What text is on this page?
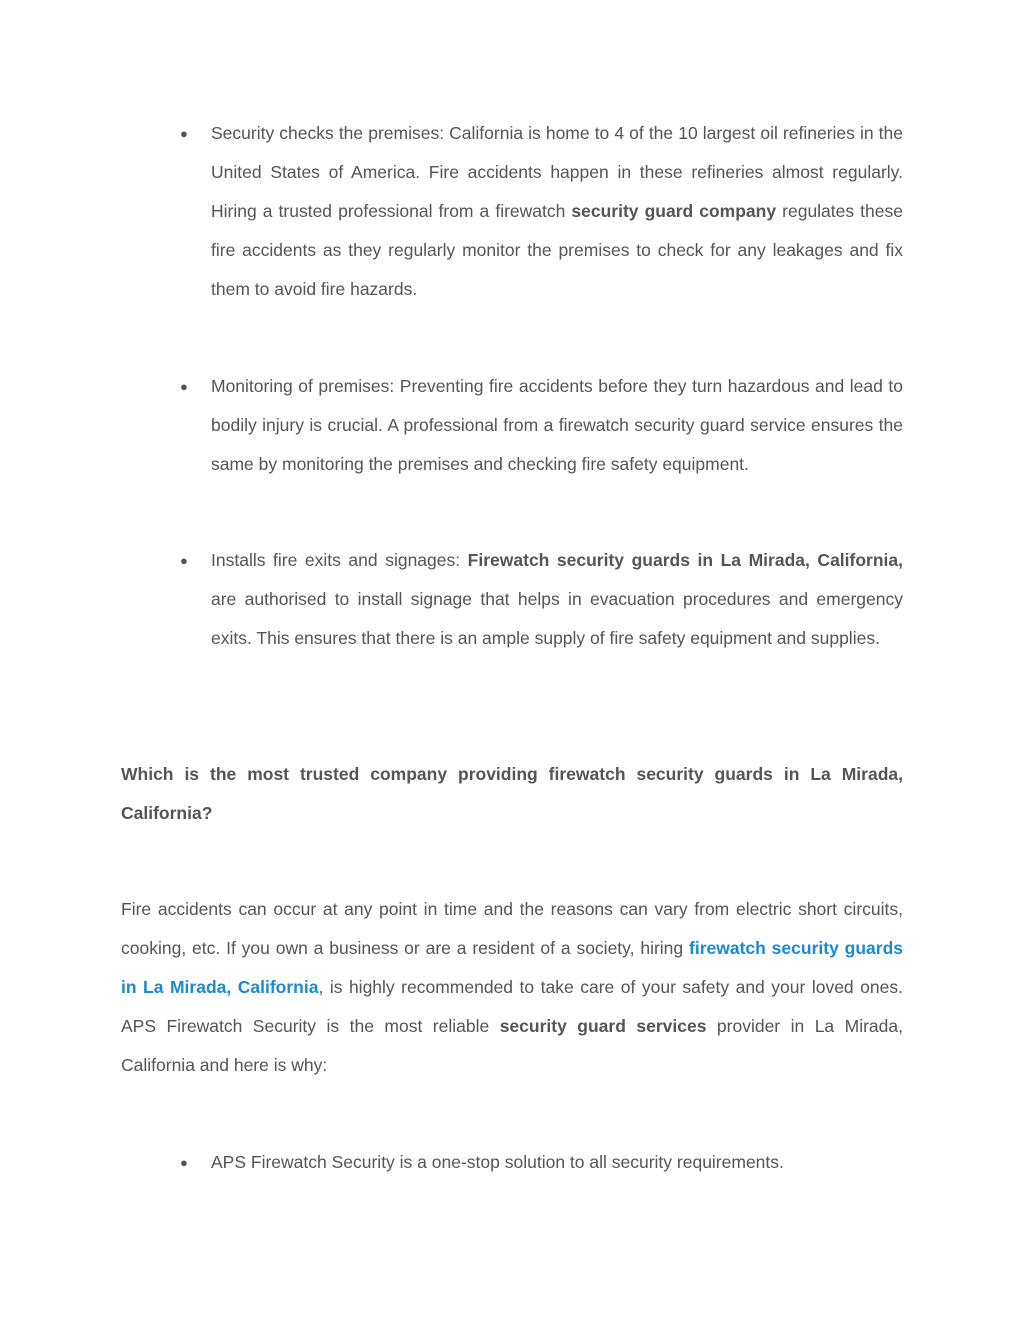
●	Security checks the premises: California is home to 4 of the 10 largest oil refineries in the United States of America. Fire accidents happen in these refineries almost regularly. Hiring a trusted professional from a firewatch security guard company regulates these fire accidents as they regularly monitor the premises to check for any leakages and fix them to avoid fire hazards.

●	Monitoring of premises: Preventing fire accidents before they turn hazardous and lead to bodily injury is crucial. A professional from a firewatch security guard service ensures the same by monitoring the premises and checking fire safety equipment.

●	Installs fire exits and signages: Firewatch security guards in La Mirada, California, are authorised to install signage that helps in evacuation procedures and emergency exits. This ensures that there is an ample supply of fire safety equipment and supplies.

Which is the most trusted company providing firewatch security guards in La Mirada, California?

Fire accidents can occur at any point in time and the reasons can vary from electric short circuits, cooking, etc. If you own a business or are a resident of a society, hiring firewatch security guards in La Mirada, California, is highly recommended to take care of your safety and your loved ones. APS Firewatch Security is the most reliable security guard services provider in La Mirada, California and here is why:

●	APS Firewatch Security is a one-stop solution to all security requirements.
